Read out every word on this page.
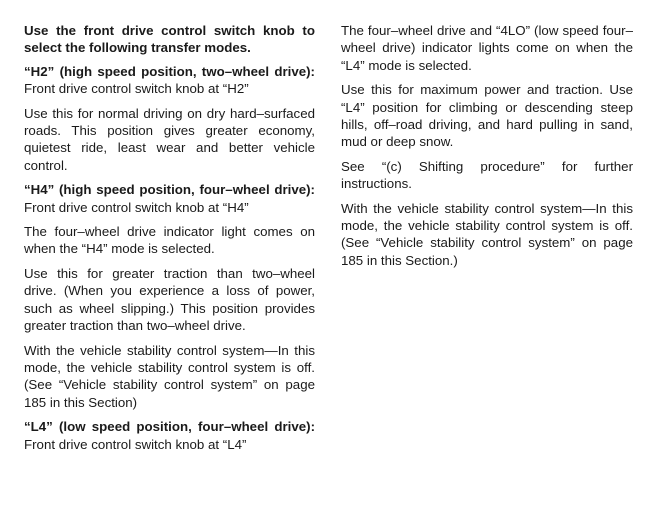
Use the front drive control switch knob to select the following transfer modes.

“H2” (high speed position, two–wheel drive): Front drive control switch knob at “H2”

Use this for normal driving on dry hard–surfaced roads. This position gives greater economy, quietest ride, least wear and better vehicle control.

“H4” (high speed position, four–wheel drive): Front drive control switch knob at “H4”

The four–wheel drive indicator light comes on when the “H4” mode is selected.

Use this for greater traction than two–wheel drive. (When you experience a loss of power, such as wheel slipping.) This position provides greater traction than two–wheel drive.

With the vehicle stability control system—In this mode, the vehicle stability control system is off. (See “Vehicle stability control system” on page 185 in this Section)

“L4” (low speed position, four–wheel drive): Front drive control switch knob at “L4”

The four–wheel drive and “4LO” (low speed four–wheel drive) indicator lights come on when the “L4” mode is selected.

Use this for maximum power and traction. Use “L4” position for climbing or descending steep hills, off–road driving, and hard pulling in sand, mud or deep snow.

See “(c) Shifting procedure” for further instructions.

With the vehicle stability control system—In this mode, the vehicle stability control system is off. (See “Vehicle stability control system” on page 185 in this Section.)
